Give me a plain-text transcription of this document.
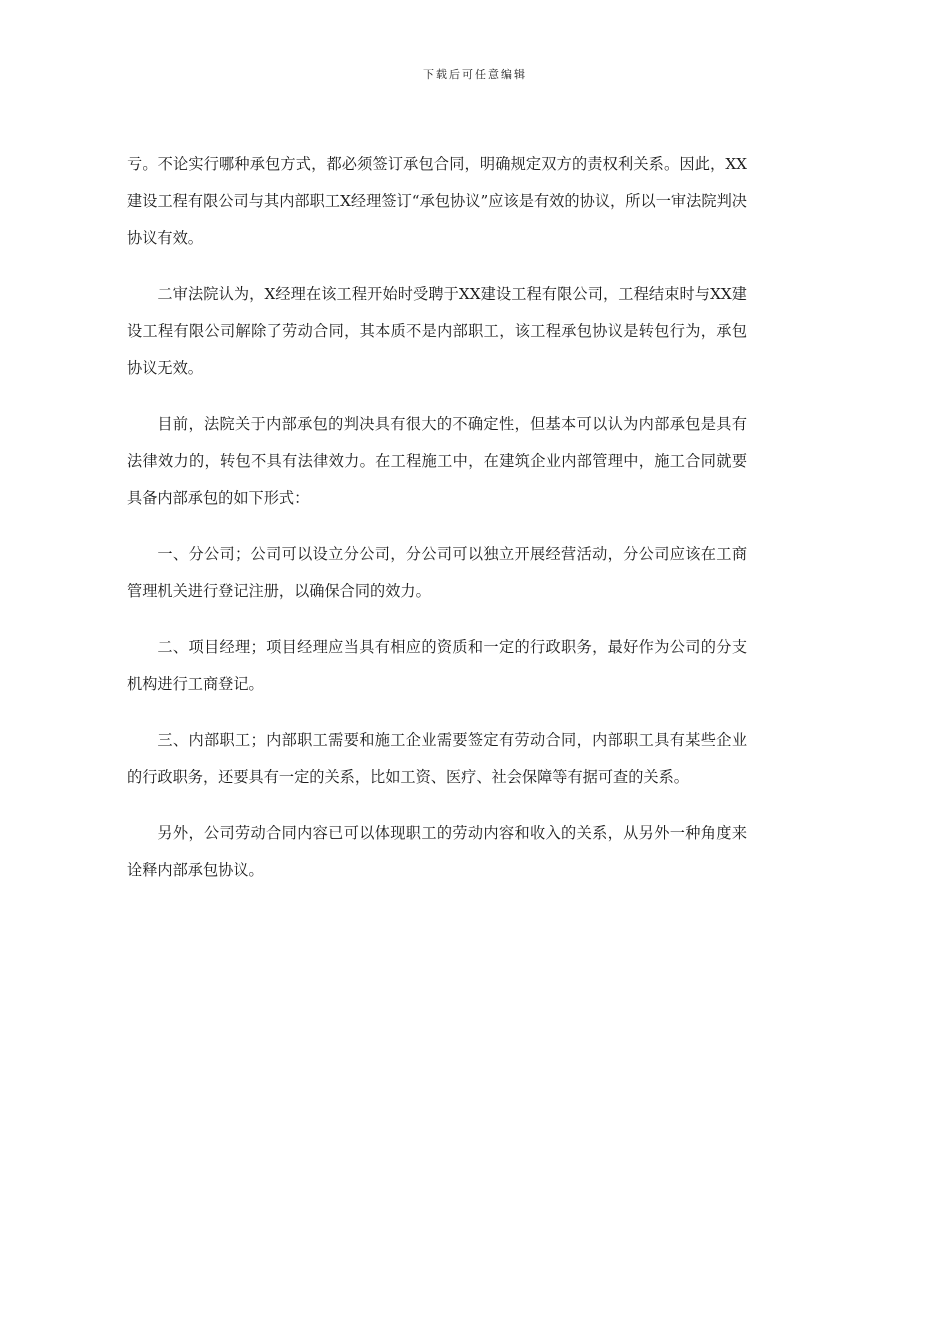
下载后可任意编辑

亏。不论实行哪种承包方式，都必须签订承包合同，明确规定双方的责权利关系。因此，XX建设工程有限公司与其内部职工X经理签订“承包协议”应该是有效的协议，所以一审法院判决协议有效。

二审法院认为，X经理在该工程开始时受聘于XX建设工程有限公司，工程结束时与XX建设工程有限公司解除了劳动合同，其本质不是内部职工，该工程承包协议是转包行为，承包协议无效。

目前，法院关于内部承包的判决具有很大的不确定性，但基本可以认为内部承包是具有法律效力的，转包不具有法律效力。在工程施工中，在建筑企业内部管理中，施工合同就要具备内部承包的如下形式：

一、分公司；公司可以设立分公司，分公司可以独立开展经营活动，分公司应该在工商管理机关进行登记注册，以确保合同的效力。

二、项目经理；项目经理应当具有相应的资质和一定的行政职务，最好作为公司的分支机构进行工商登记。

三、内部职工；内部职工需要和施工企业需要签定有劳动合同，内部职工具有某些企业的行政职务，还要具有一定的关系，比如工资、医疗、社会保障等有据可查的关系。

另外，公司劳动合同内容已可以体现职工的劳动内容和收入的关系，从另外一种角度来诠释内部承包协议。
